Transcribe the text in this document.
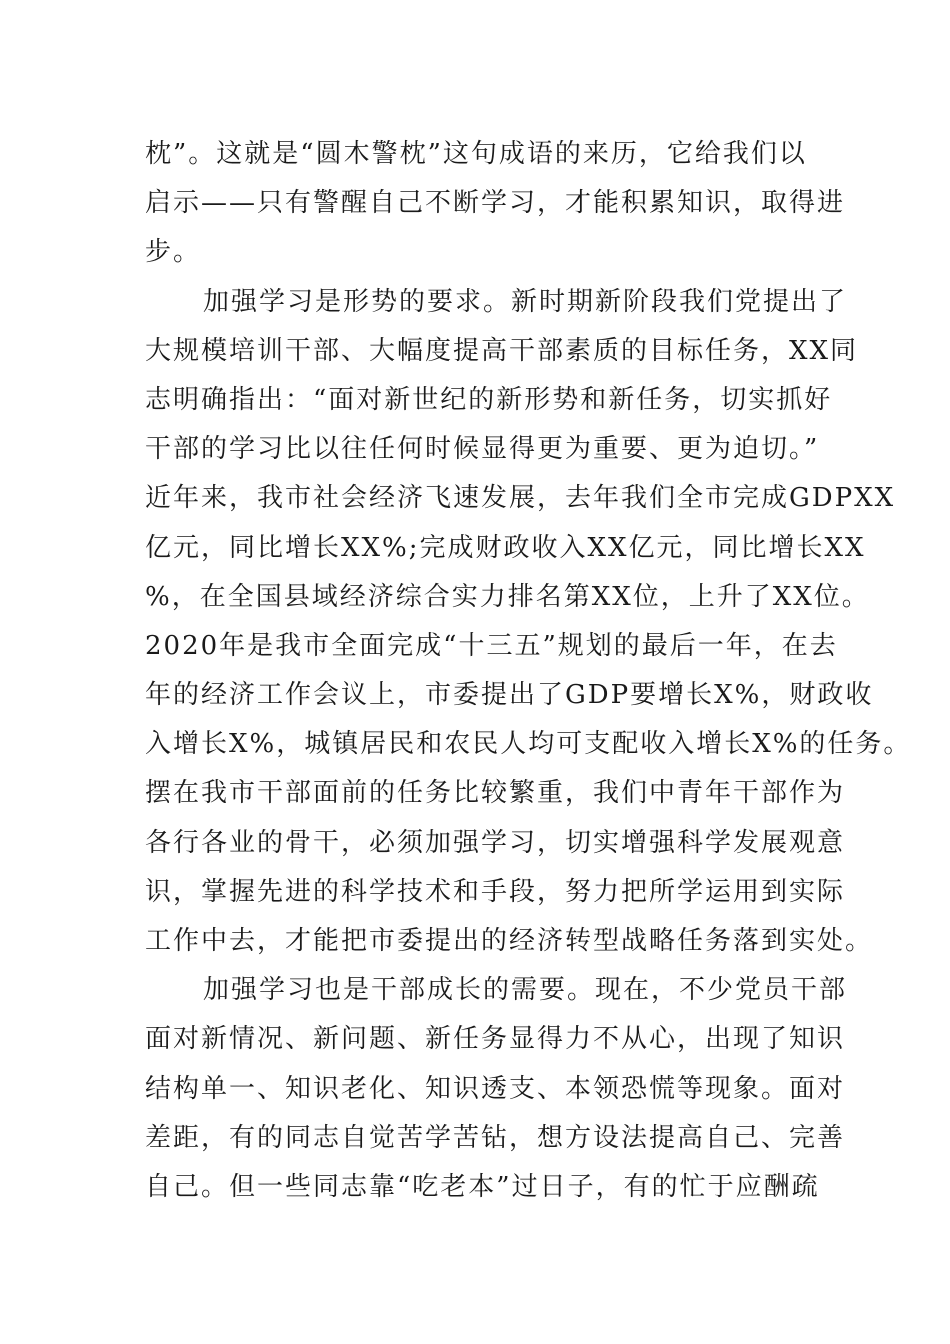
枕”。这就是“圆木警枕”这句成语的来历，它给我们以
启示——只有警醒自己不断学习，才能积累知识，取得进
步。
加强学习是形势的要求。新时期新阶段我们党提出了
大规模培训干部、大幅度提高干部素质的目标任务，XX同
志明确指出：“面对新世纪的新形势和新任务，切实抓好
干部的学习比以往任何时候显得更为重要、更为迫切。”
近年来，我市社会经济飞速发展，去年我们全市完成GDPXX
亿元，同比增长XX%;完成财政收入XX亿元，同比增长XX
%，在全国县域经济综合实力排名第XX位，上升了XX位。
2020年是我市全面完成“十三五”规划的最后一年，在去
年的经济工作会议上，市委提出了GDP要增长X%，财政收
入增长X%，城镇居民和农民人均可支配收入增长X%的任务。
摆在我市干部面前的任务比较繁重，我们中青年干部作为
各行各业的骨干，必须加强学习，切实增强科学发展观意
识，掌握先进的科学技术和手段，努力把所学运用到实际
工作中去，才能把市委提出的经济转型战略任务落到实处。
加强学习也是干部成长的需要。现在，不少党员干部
面对新情况、新问题、新任务显得力不从心，出现了知识
结构单一、知识老化、知识透支、本领恐慌等现象。面对
差距，有的同志自觉苦学苦钻，想方设法提高自己、完善
自己。但一些同志靠“吃老本”过日子，有的忙于应酬疏
